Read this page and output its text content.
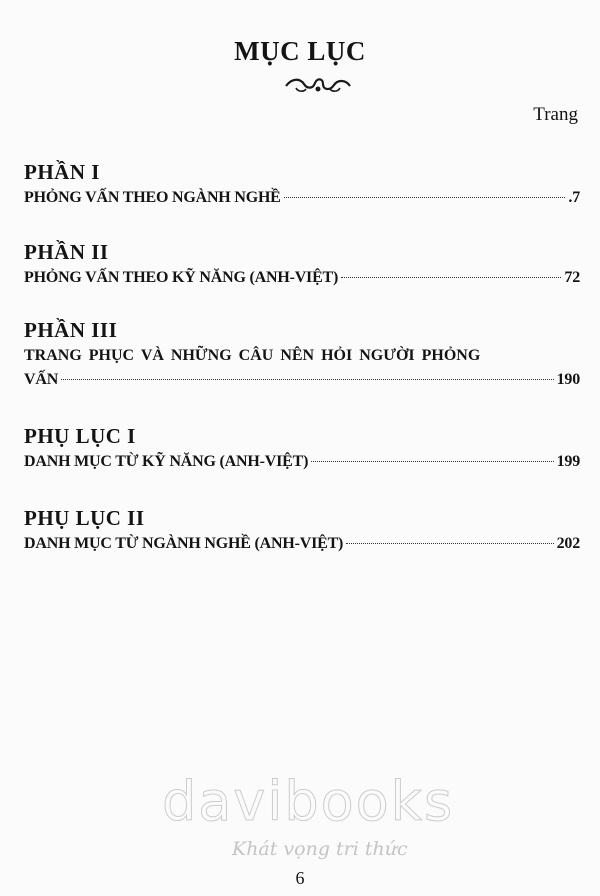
MỤC LỤC
Trang
PHẦN I
PHỎNG VẤN THEO NGÀNH NGHỀ	.7
PHẦN II
PHỎNG VẤN THEO KỸ NĂNG (ANH-VIỆT)	72
PHẦN III
TRANG PHỤC VÀ NHỮNG CÂU NÊN HỎI NGƯỜI PHỎNG
VẤN	190
PHỤ LỤC I
DANH MỤC TỪ KỸ NĂNG (ANH-VIỆT)	199
PHỤ LỤC II
DANH MỤC TỪ NGÀNH NGHỀ (ANH-VIỆT)	202
davibooks
Khát vọng tri thức
6
